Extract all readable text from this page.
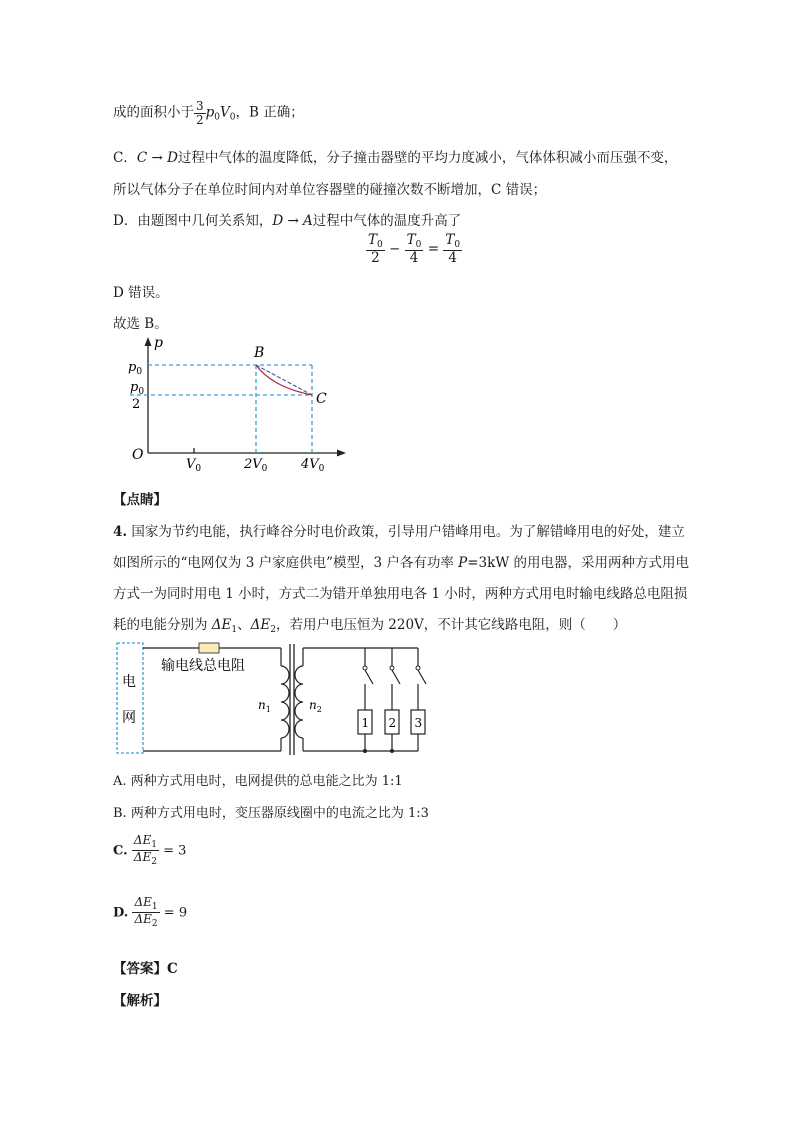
成的面积小于 $\frac{3}{2} p_0V_0$，B 正确；
C．C → D过程中气体的温度降低，分子撞击器壁的平均力度减小，气体体积减小而压强不变，
所以气体分子在单位时间内对单位容器壁的碰撞次数不断增加，C 错误；
D．由题图中几何关系知，D → A过程中气体的温度升高了
$\frac{T_0}{2} - \frac{T_0}{4} = \frac{T_0}{4}$
D 错误。
故选 B。
p
O
B
C
$p_0$
$p_0$
2
$V_0$	$2V_0$	$4V_0$
【点睛】
4. 国家为节约电能，执行峰谷分时电价政策，引导用户错峰用电。为了解错峰用电的好处，建立
如图所示的“电网仅为 3 户家庭供电”模型，3 户各有功率 P=3kW 的用电器，采用两种方式用电
方式一为同时用电 1 小时，方式二为错开单独用电各 1 小时，两种方式用电时输电线路总电阻损
耗的电能分别为 $\Delta E_1$、$\Delta E_2$，若用户电压恒为 220V，不计其它线路电阻，则（　　）
电
网
输电线总电阻
$n_1$	$n_2$
1 2 3
A. 两种方式用电时，电网提供的总电能之比为 1:1
B. 两种方式用电时，变压器原线圈中的电流之比为 1:3
C. $\frac{\Delta E_1}{\Delta E_2} = 3$
D. $\frac{\Delta E_1}{\Delta E_2} = 9$
【答案】C
【解析】
